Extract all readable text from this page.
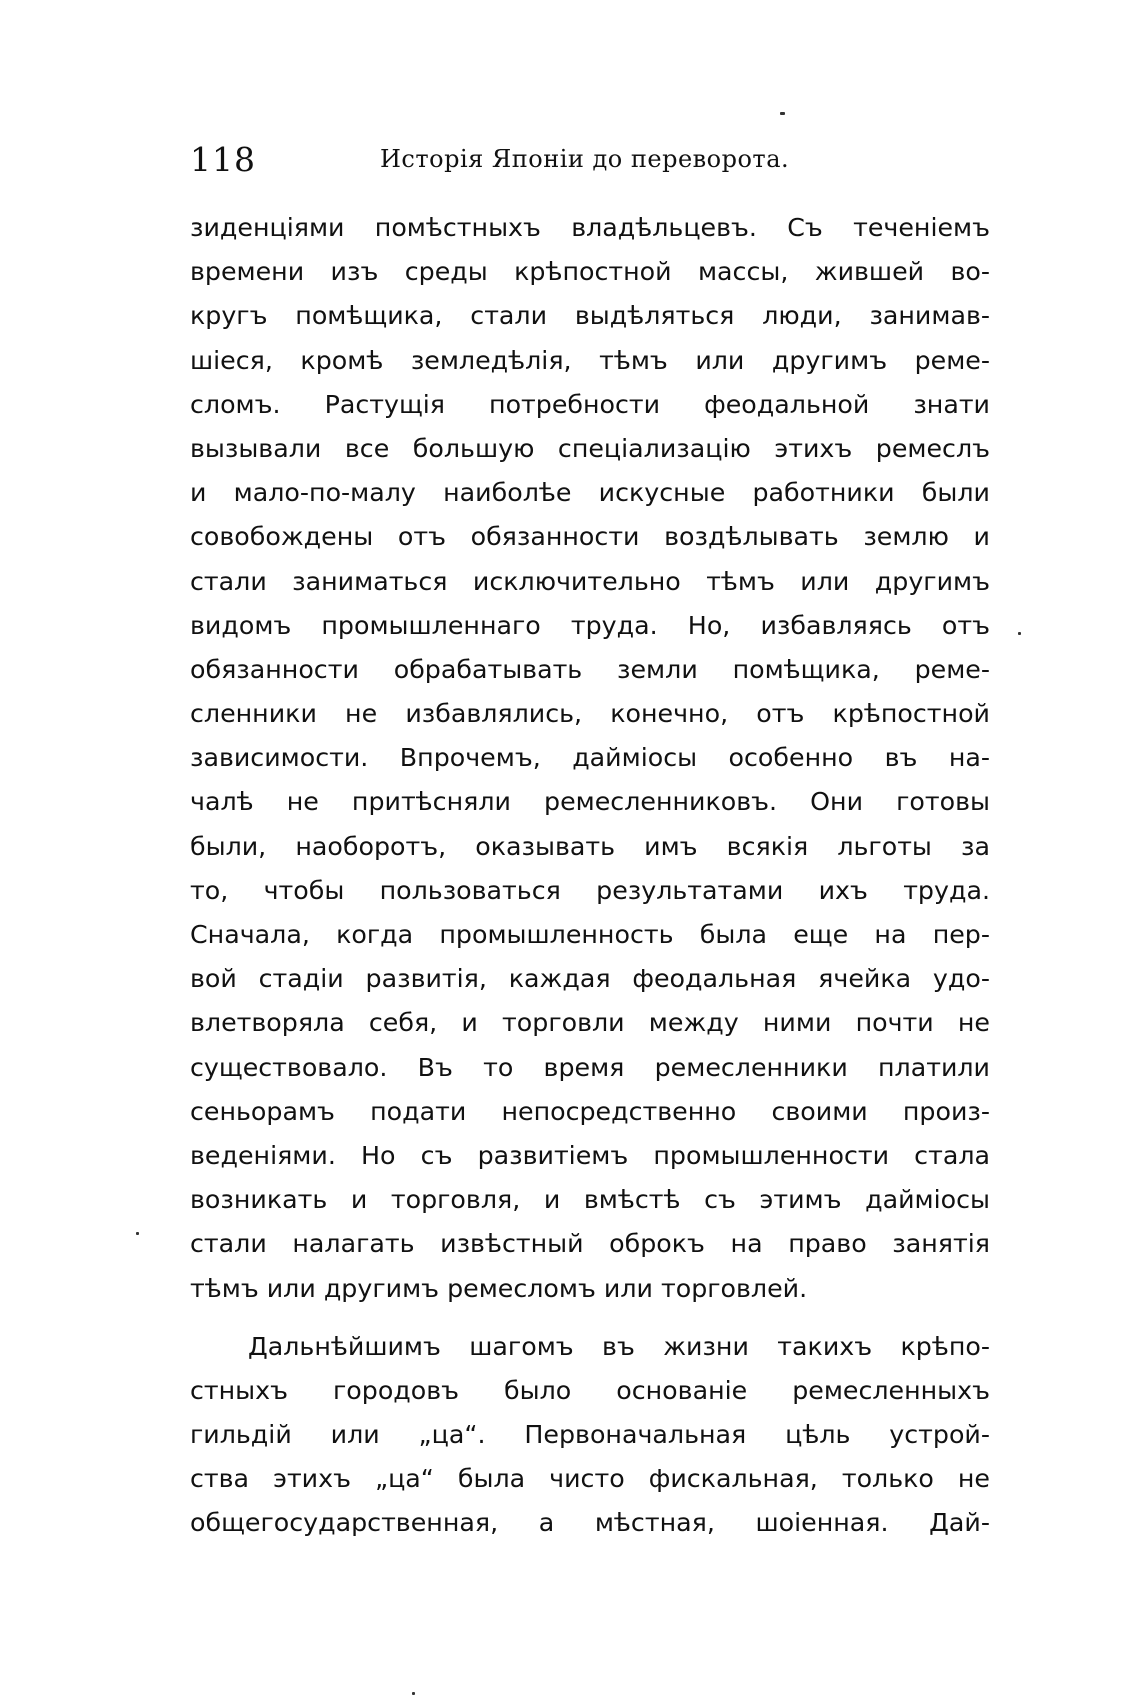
118	Исторія Японіи до переворота.
зиденціями помѣстныхъ владѣльцевъ. Съ теченіемъ
времени изъ среды крѣпостной массы, жившей во-
кругъ помѣщика, стали выдѣляться люди, занимав-
шіеся, кромѣ земледѣлія, тѣмъ или другимъ реме-
сломъ. Растущія потребности феодальной знати
вызывали все большую спеціализацію этихъ ремеслъ
и мало-по-малу наиболѣе искусные работники были
совобождены отъ обязанности воздѣлывать землю и
стали заниматься исключительно тѣмъ или другимъ
видомъ промышленнаго труда. Но, избавляясь отъ
обязанности обрабатывать земли помѣщика, реме-
сленники не избавлялись, конечно, отъ крѣпостной
зависимости. Впрочемъ, даймiосы особенно въ на-
чалѣ не притѣсняли ремесленниковъ. Они готовы
были, наоборотъ, оказывать имъ всякія льготы за
то, чтобы пользоваться результатами ихъ труда.
Сначала, когда промышленность была еще на пер-
вой стадіи развитія, каждая феодальная ячейка удо-
влетворяла себя, и торговли между ними почти не
существовало. Въ то время ремесленники платили
сеньорамъ подати непосредственно своими произ-
веденіями. Но съ развитіемъ промышленности стала
возникать и торговля, и вмѣстѣ съ этимъ даймiосы
стали налагать извѣстный оброкъ на право занятія
тѣмъ или другимъ ремесломъ или торговлей.
Дальнѣйшимъ шагомъ въ жизни такихъ крѣпо-
стныхъ городовъ было основаніе ремесленныхъ
гильдій или „ца“. Первоначальная цѣль устрой-
ства этихъ „ца“ была чисто фискальная, только не
общегосударственная, а мѣстная, шоіенная. Дай-
